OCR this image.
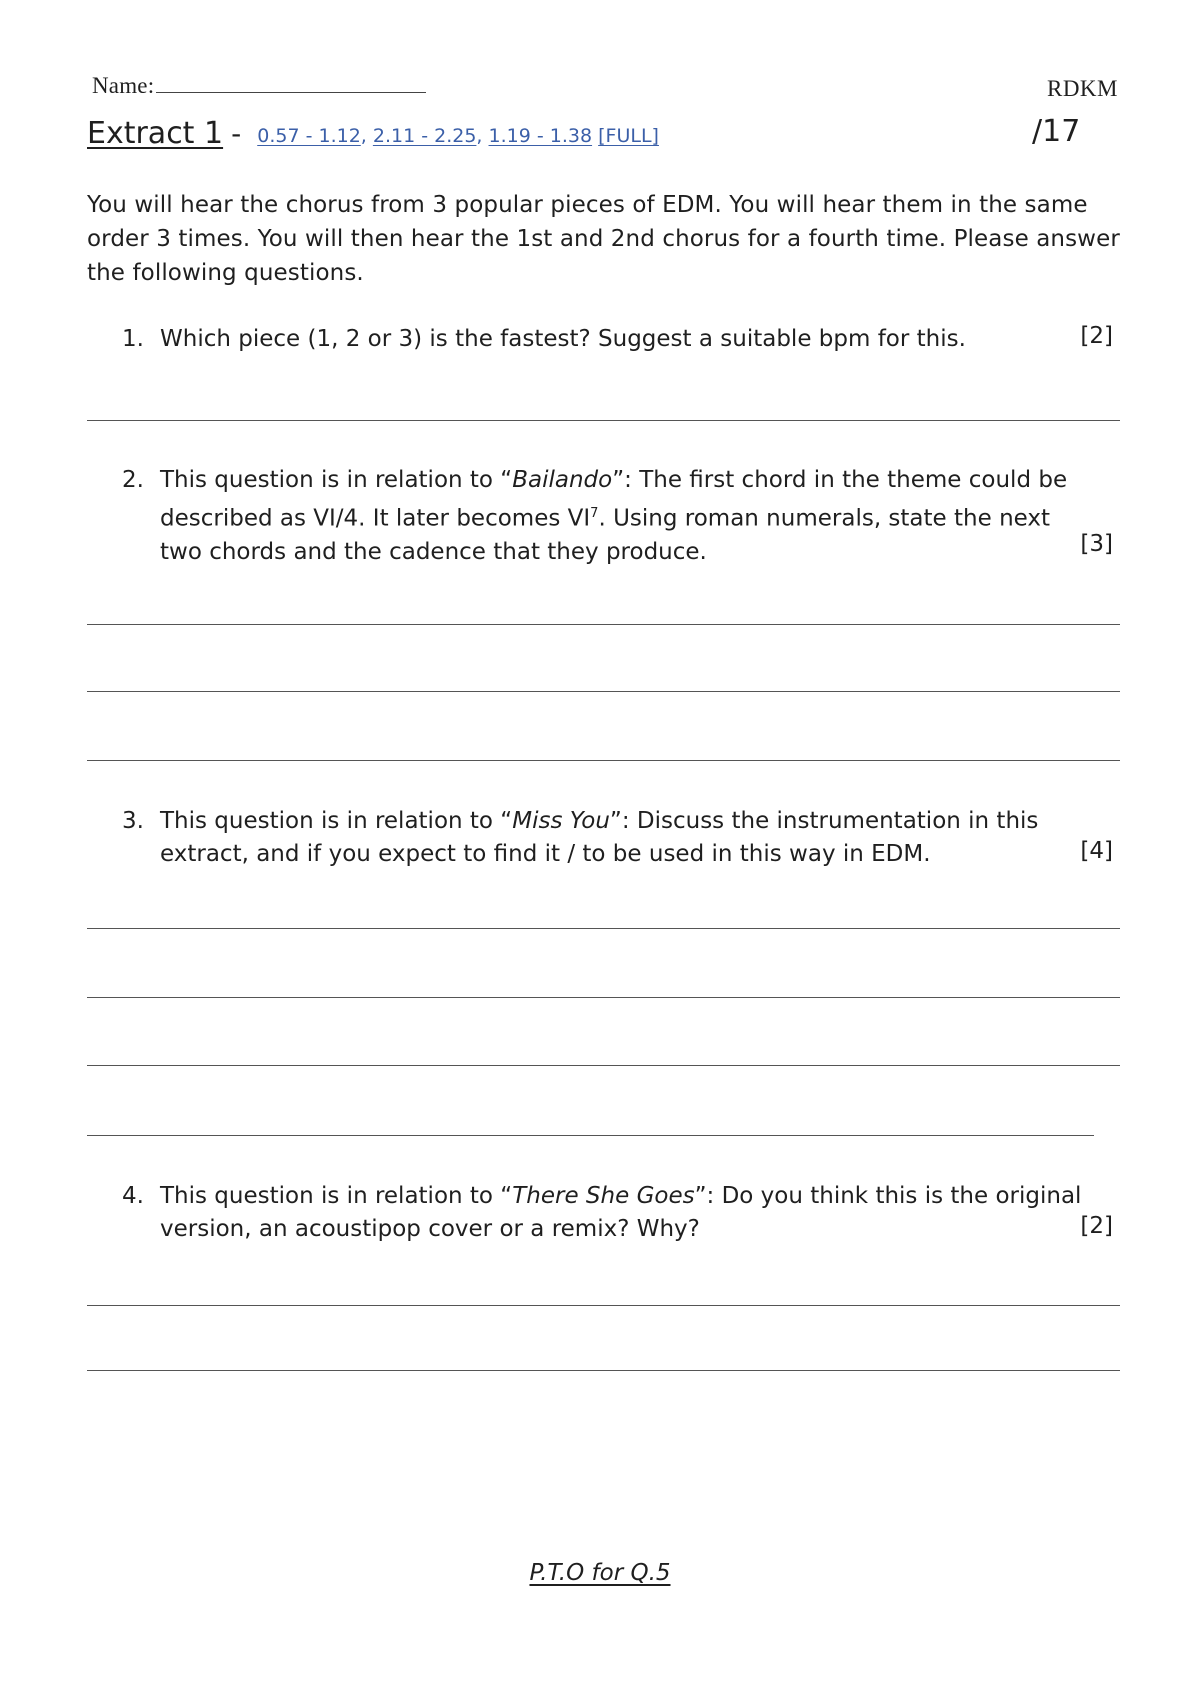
Name:	RDKM
Extract 1 - 0.57 - 1.12, 2.11 - 2.25, 1.19 - 1.38 [FULL]	/17
You will hear the chorus from 3 popular pieces of EDM. You will hear them in the same order 3 times. You will then hear the 1st and 2nd chorus for a fourth time. Please answer the following questions.
1. Which piece (1, 2 or 3) is the fastest? Suggest a suitable bpm for this.	[2]
2. This question is in relation to “Bailando”: The first chord in the theme could be described as VI/4. It later becomes $VI^7$. Using roman numerals, state the next two chords and the cadence that they produce.	[3]
3. This question is in relation to “Miss You”: Discuss the instrumentation in this extract, and if you expect to find it / to be used in this way in EDM.	[4]
4. This question is in relation to “There She Goes”: Do you think this is the original version, an acoustipop cover or a remix? Why?	[2]
P.T.O for Q.5
